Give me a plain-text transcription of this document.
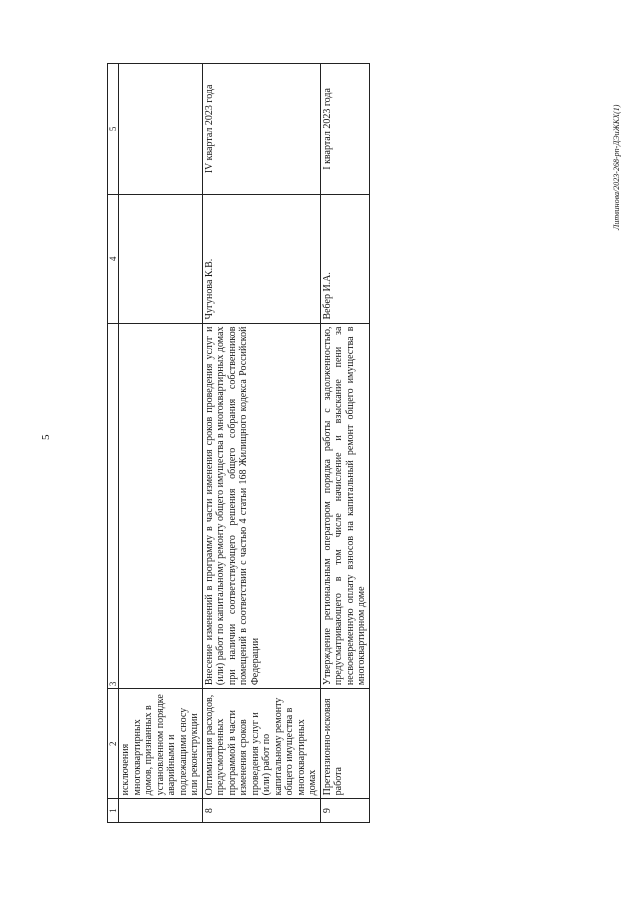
5
Литвинова/2023-268-рп-ДЭиЖКХ(1)
1	2	3	4	5
	исключения многоквартирных домов, признанных в установленном порядке аварийными и подлежащими сносу или реконструкции			
8	Оптимизация расходов, предусмотренных программой в части изменения сроков проведения услуг и (или) работ по капитальному ремонту общего имущества в многоквартирных домах	Внесение изменений в программу в части изменения сроков проведения услуг и (или) работ по капитальному ремонту общего имущества в многоквартирных домах при наличии соответствующего решения общего собрания собственников помещений в соответствии с частью 4 статьи 168 Жилищного кодекса Российской Федерации	Чугунова К.В.	IV квартал 2023 года
9	Претензионно-исковая работа	Утверждение региональным оператором порядка работы с задолженностью, предусматривающего в том числе начисление и взыскание пени за несвоевременную оплату взносов на капитальный ремонт общего имущества в многоквартирном доме	Вебер И.А.	I квартал 2023 года
